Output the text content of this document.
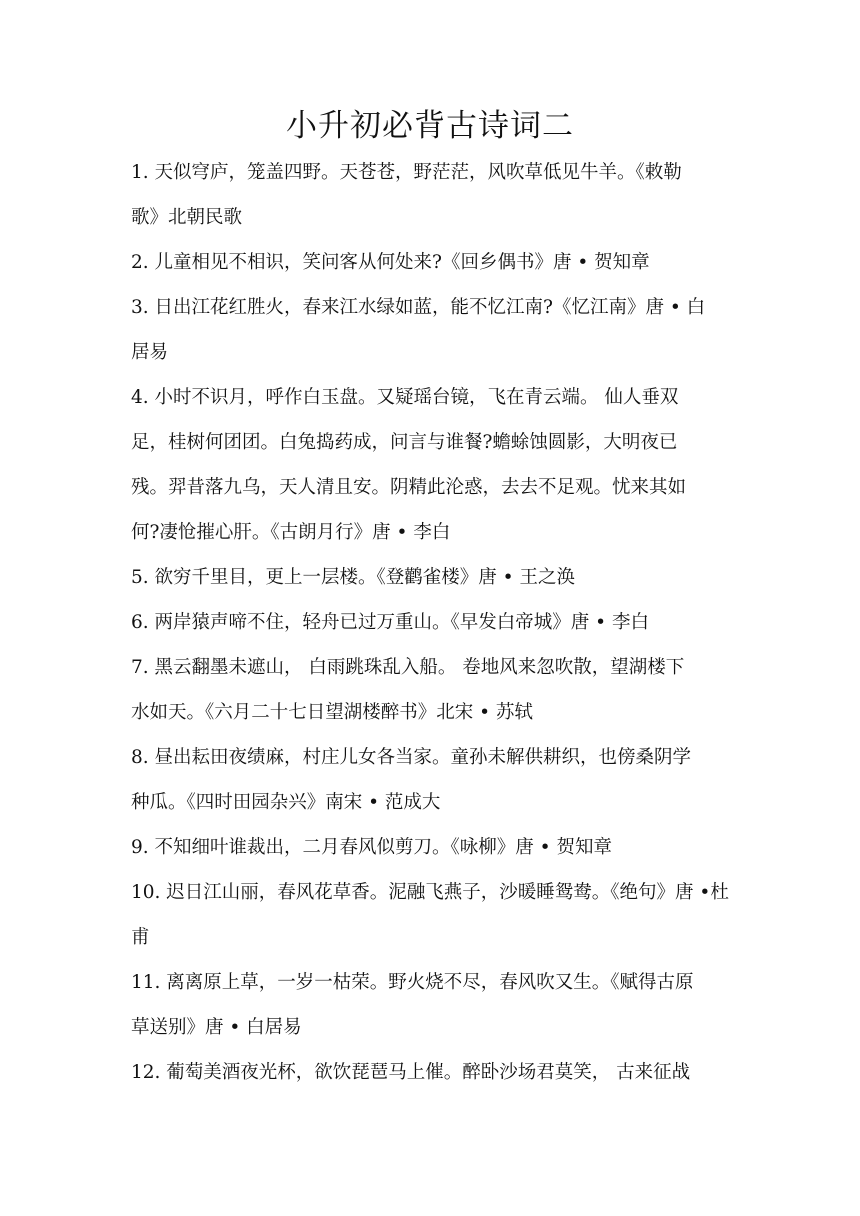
小升初必背古诗词二
1. 天似穹庐，笼盖四野。天苍苍，野茫茫，风吹草低见牛羊。《敕勒
歌》北朝民歌
2. 儿童相见不相识，笑问客从何处来?《回乡偶书》唐 • 贺知章
3. 日出江花红胜火，春来江水绿如蓝，能不忆江南?《忆江南》唐 • 白
居易
4. 小时不识月，呼作白玉盘。又疑瑶台镜，飞在青云端。 仙人垂双
足，桂树何团团。白兔捣药成，问言与谁餐?蟾蜍蚀圆影，大明夜已
残。羿昔落九乌，天人清且安。阴精此沦惑，去去不足观。忧来其如
何?凄怆摧心肝。《古朗月行》唐 • 李白
5. 欲穷千里目，更上一层楼。《登鹳雀楼》唐 • 王之涣
6. 两岸猿声啼不住，轻舟已过万重山。《早发白帝城》唐 • 李白
7. 黑云翻墨未遮山， 白雨跳珠乱入船。 卷地风来忽吹散，望湖楼下
水如天。《六月二十七日望湖楼醉书》北宋 • 苏轼
8. 昼出耘田夜绩麻，村庄儿女各当家。童孙未解供耕织，也傍桑阴学
种瓜。《四时田园杂兴》南宋 • 范成大
9. 不知细叶谁裁出，二月春风似剪刀。《咏柳》唐 • 贺知章
10. 迟日江山丽，春风花草香。泥融飞燕子，沙暖睡鸳鸯。《绝句》唐 •杜
甫
11. 离离原上草，一岁一枯荣。野火烧不尽，春风吹又生。《赋得古原
草送别》唐 • 白居易
12. 葡萄美酒夜光杯，欲饮琵琶马上催。醉卧沙场君莫笑， 古来征战
